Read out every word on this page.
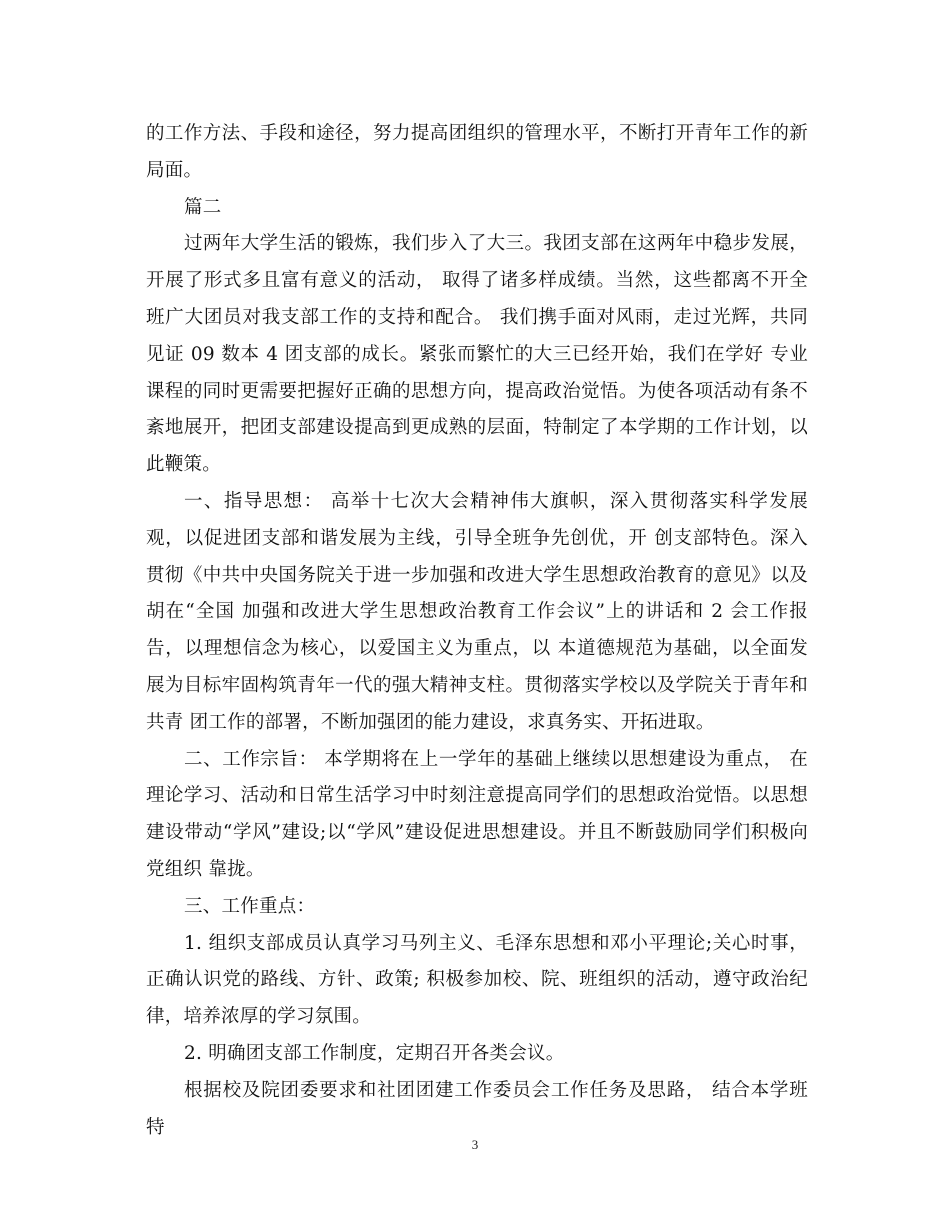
的工作方法、手段和途径，努力提高团组织的管理水平，不断打开青年工作的新局面。

篇二

过两年大学生活的锻炼，我们步入了大三。我团支部在这两年中稳步发展，开展了形式多且富有意义的活动， 取得了诸多样成绩。当然，这些都离不开全班广大团员对我支部工作的支持和配合。 我们携手面对风雨，走过光辉，共同见证 09 数本 4 团支部的成长。紧张而繁忙的大三已经开始，我们在学好 专业课程的同时更需要把握好正确的思想方向，提高政治觉悟。为使各项活动有条不紊地展开，把团支部建设提高到更成熟的层面，特制定了本学期的工作计划，以此鞭策。

一、指导思想： 高举十七次大会精神伟大旗帜，深入贯彻落实科学发展观，以促进团支部和谐发展为主线，引导全班争先创优，开 创支部特色。深入贯彻《中共中央国务院关于进一步加强和改进大学生思想政治教育的意见》以及胡在“全国 加强和改进大学生思想政治教育工作会议”上的讲话和 2 会工作报告，以理想信念为核心，以爱国主义为重点，以 本道德规范为基础，以全面发展为目标牢固构筑青年一代的强大精神支柱。贯彻落实学校以及学院关于青年和共青 团工作的部署，不断加强团的能力建设，求真务实、开拓进取。

二、工作宗旨： 本学期将在上一学年的基础上继续以思想建设为重点， 在理论学习、活动和日常生活学习中时刻注意提高同学们的思想政治觉悟。以思想建设带动“学风”建设;以“学风”建设促进思想建设。并且不断鼓励同学们积极向党组织 靠拢。

三、工作重点：

1. 组织支部成员认真学习马列主义、毛泽东思想和邓小平理论;关心时事，正确认识党的路线、方针、政策; 积极参加校、院、班组织的活动，遵守政治纪律，培养浓厚的学习氛围。

2. 明确团支部工作制度，定期召开各类会议。

根据校及院团委要求和社团团建工作委员会工作任务及思路， 结合本学班特

3
